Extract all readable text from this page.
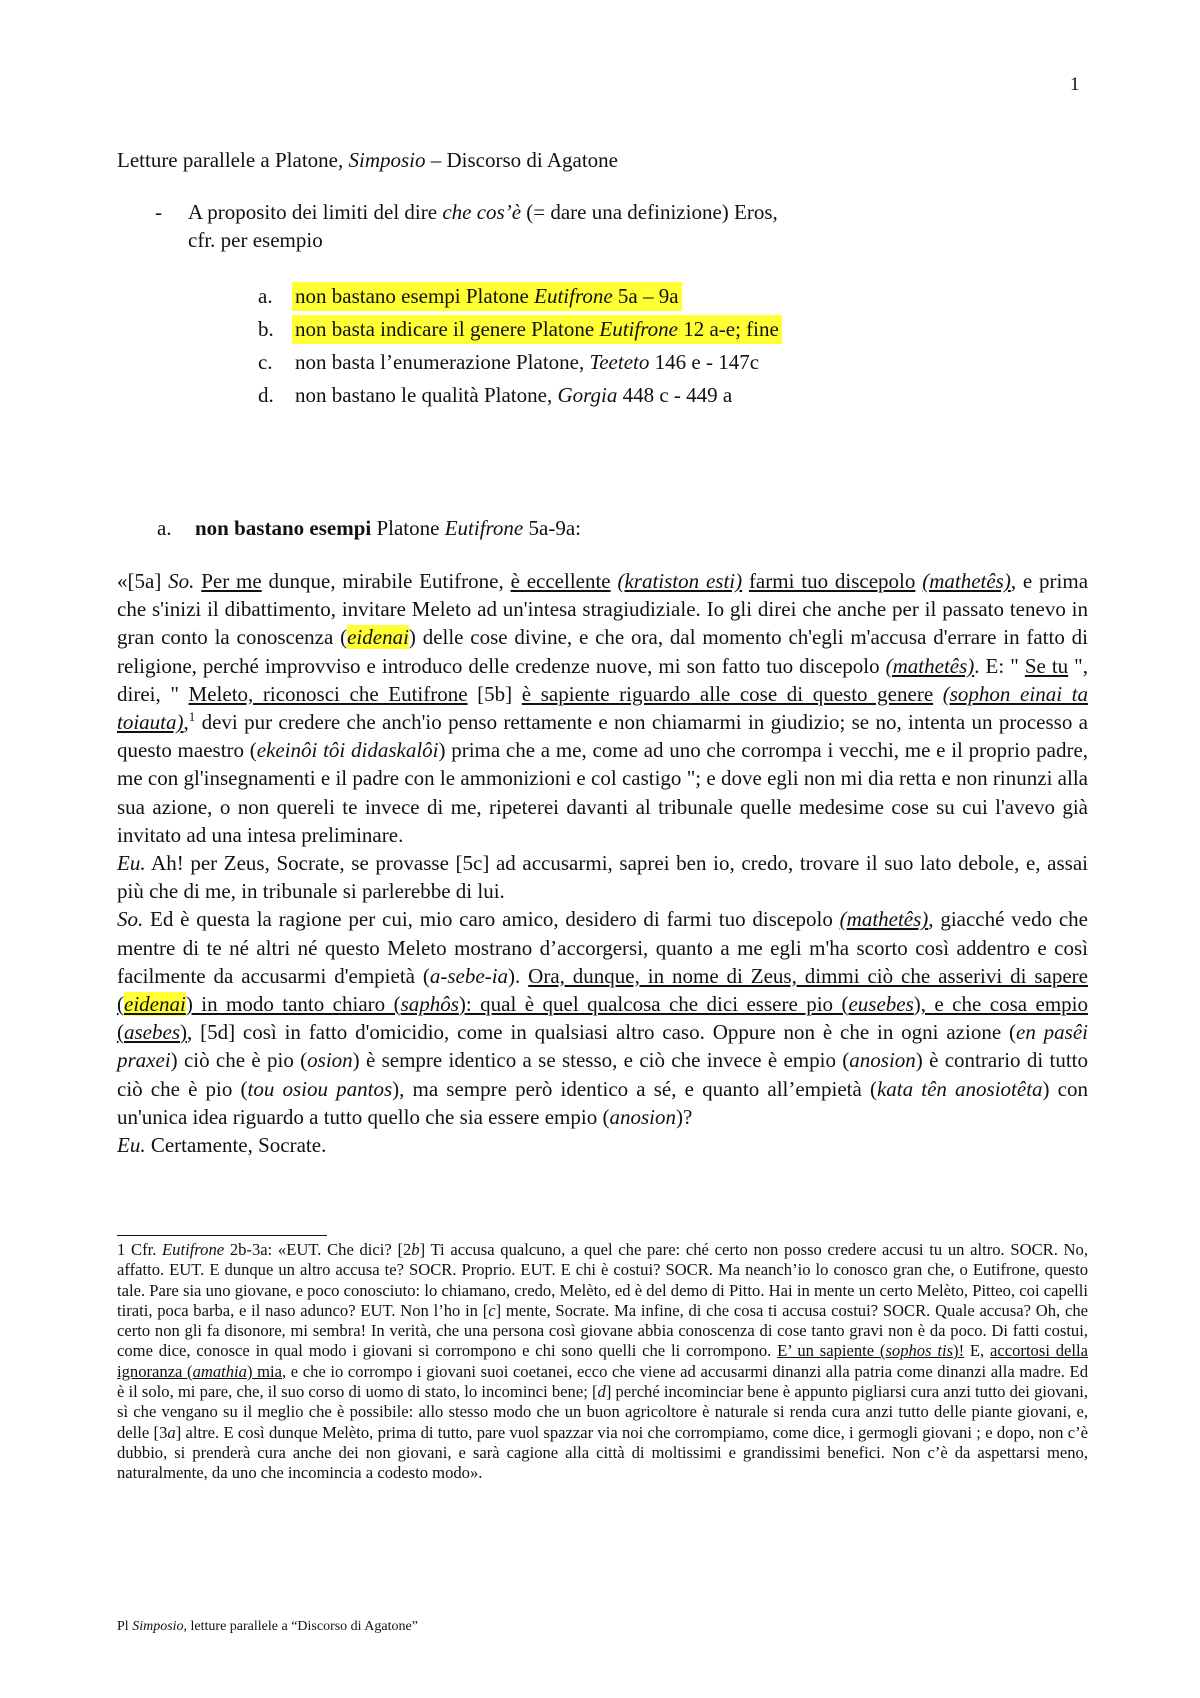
1
Letture parallele a Platone, Simposio – Discorso di Agatone
- A proposito dei limiti del dire che cos’è (= dare una definizione) Eros,
cfr. per esempio
a.	non bastano esempi Platone Eutifrone 5a – 9a
b.	non basta indicare il genere Platone Eutifrone 12 a-e; fine
c.	non basta l’enumerazione Platone, Teeteto 146 e - 147c
d.	non bastano le qualità Platone, Gorgia 448 c - 449 a
a. non bastano esempi Platone Eutifrone 5a-9a:

«[5a] So. Per me dunque, mirabile Eutifrone, è eccellente (kratiston esti) farmi tuo discepolo (mathetês), e prima che s'inizi il dibattimento, invitare Meleto ad un'intesa stragiudiziale. Io gli direi che anche per il passato tenevo in gran conto la conoscenza (eidenai) delle cose divine, e che ora, dal momento ch'egli m'accusa d'errare in fatto di religione, perché improvviso e introduco delle credenze nuove, mi son fatto tuo discepolo (mathetês). E: " Se tu ", direi, " Meleto, riconosci che Eutifrone [5b] è sapiente riguardo alle cose di questo genere (sophon einai ta toiauta),$^1$ devi pur credere che anch'io penso rettamente e non chiamarmi in giudizio; se no, intenta un processo a questo maestro (ekeinôi tôi didaskalôi) prima che a me, come ad uno che corrompa i vecchi, me e il proprio padre, me con gl'insegnamenti e il padre con le ammonizioni e col castigo "; e dove egli non mi dia retta e non rinunzi alla sua azione, o non quereli te invece di me, ripeterei davanti al tribunale quelle medesime cose su cui l'avevo già invitato ad una intesa preliminare.

Eu. Ah! per Zeus, Socrate, se provasse [5c] ad accusarmi, saprei ben io, credo, trovare il suo lato debole, e, assai più che di me, in tribunale si parlerebbe di lui.

So. Ed è questa la ragione per cui, mio caro amico, desidero di farmi tuo discepolo (mathetês), giacché vedo che mentre di te né altri né questo Meleto mostrano d’accorgersi, quanto a me egli m'ha scorto così addentro e così facilmente da accusarmi d'empietà (a-sebe-ia). Ora, dunque, in nome di Zeus, dimmi ciò che asserivi di sapere (eidenai) in modo tanto chiaro (saphôs): qual è quel qualcosa che dici essere pio (eusebes), e che cosa empio (asebes), [5d] così in fatto d'omicidio, come in qualsiasi altro caso. Oppure non è che in ogni azione (en pasêi praxei) ciò che è pio (osion) è sempre identico a se stesso, e ciò che invece è empio (anosion) è contrario di tutto ciò che è pio (tou osiou pantos), ma sempre però identico a sé, e quanto all’empietà (kata tên anosiotêta) con un'unica idea riguardo a tutto quello che sia essere empio (anosion)?

Eu. Certamente, Socrate.

1 Cfr. Eutifrone 2b-3a: «EUT. Che dici? [2b] Ti accusa qualcuno, a quel che pare: ché certo non posso credere accusi tu un altro. SOCR. No, affatto. EUT. E dunque un altro accusa te? SOCR. Proprio. EUT. E chi è costui? SOCR. Ma neanch’io lo conosco gran che, o Eutifrone, questo tale. Pare sia uno giovane, e poco conosciuto: lo chiamano, credo, Melèto, ed è del demo di Pitto. Hai in mente un certo Melèto, Pitteo, coi capelli tirati, poca barba, e il naso adunco? EUT. Non l’ho in [c] mente, Socrate. Ma infine, di che cosa ti accusa costui? SOCR. Quale accusa? Oh, che certo non gli fa disonore, mi sembra! In verità, che una persona così giovane abbia conoscenza di cose tanto gravi non è da poco. Di fatti costui, come dice, conosce in qual modo i giovani si corrompono e chi sono quelli che li corrompono. E’ un sapiente (sophos tis)! E, accortosi della ignoranza (amathia) mia, e che io corrompo i giovani suoi coetanei, ecco che viene ad accusarmi dinanzi alla patria come dinanzi alla madre. Ed è il solo, mi pare, che, il suo corso di uomo di stato, lo incominci bene; [d] perché incominciar bene è appunto pigliarsi cura anzi tutto dei giovani, sì che vengano su il meglio che è possibile: allo stesso modo che un buon agricoltore è naturale si renda cura anzi tutto delle piante giovani, e, delle [3a] altre. E così dunque Melèto, prima di tutto, pare vuol spazzar via noi che corrompiamo, come dice, i germogli giovani ; e dopo, non c’è dubbio, si prenderà cura anche dei non giovani, e sarà cagione alla città di moltissimi e grandissimi benefici. Non c’è da aspettarsi meno, naturalmente, da uno che incomincia a codesto modo».
Pl Simposio, letture parallele a “Discorso di Agatone”
